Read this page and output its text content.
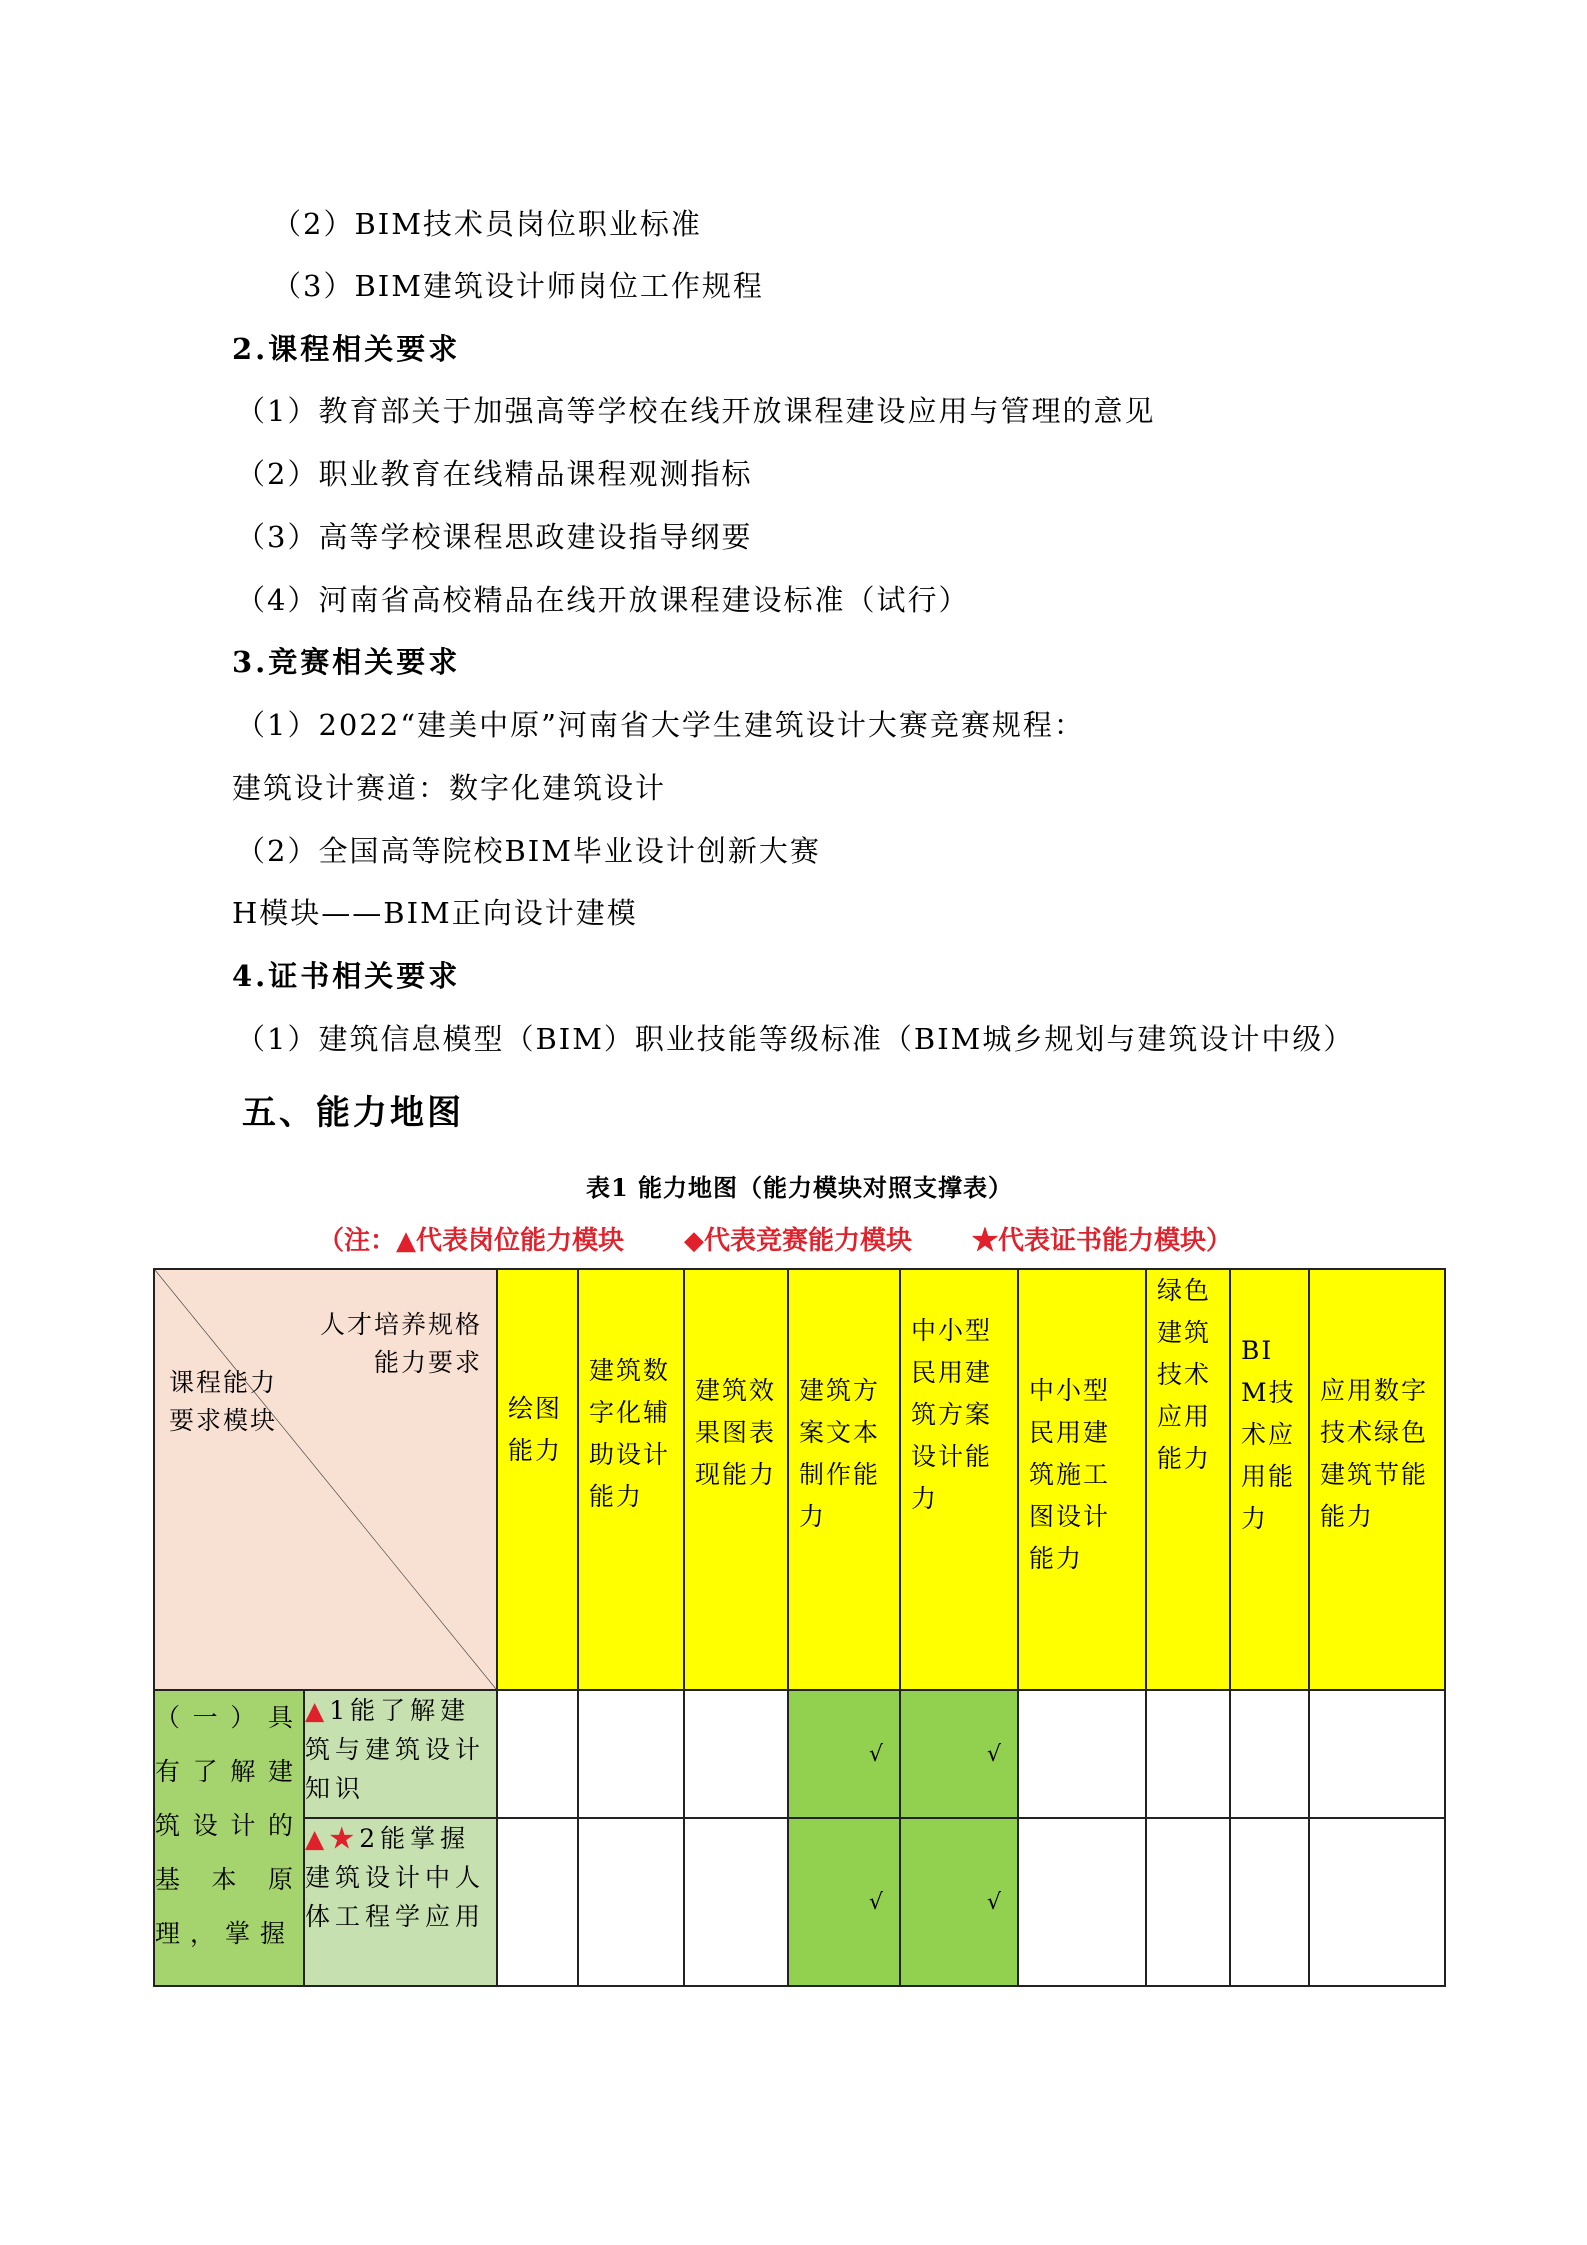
（2）BIM技术员岗位职业标准
（3）BIM建筑设计师岗位工作规程
2.课程相关要求
（1）教育部关于加强高等学校在线开放课程建设应用与管理的意见
（2）职业教育在线精品课程观测指标
（3）高等学校课程思政建设指导纲要
（4）河南省高校精品在线开放课程建设标准（试行）
3.竞赛相关要求
（1）2022“建美中原”河南省大学生建筑设计大赛竞赛规程：
建筑设计赛道：数字化建筑设计
（2）全国高等院校BIM毕业设计创新大赛
H模块——BIM正向设计建模
4.证书相关要求
（1）建筑信息模型（BIM）职业技能等级标准（BIM城乡规划与建筑设计中级）
五、能力地图
表1 能力地图（能力模块对照支撑表）
（注：▲代表岗位能力模块 ◆代表竞赛能力模块 ★代表证书能力模块）
人才培养规格能力要求
课程能力要求模块		绘图能力	建筑数字化辅助设计能力	建筑效果图表现能力	建筑方案文本制作能力	中小型民用建筑方案设计能力	中小型民用建筑施工图设计能力	绿色建筑技术应用能力	BIM技术应用能力	应用数字技术绿色建筑节能能力

（一）具有了解建筑设计的基本原理，掌握	▲1能了解建筑与建筑设计知识				√	√				
	▲★2能掌握建筑设计中人体工程学应用				√	√				
